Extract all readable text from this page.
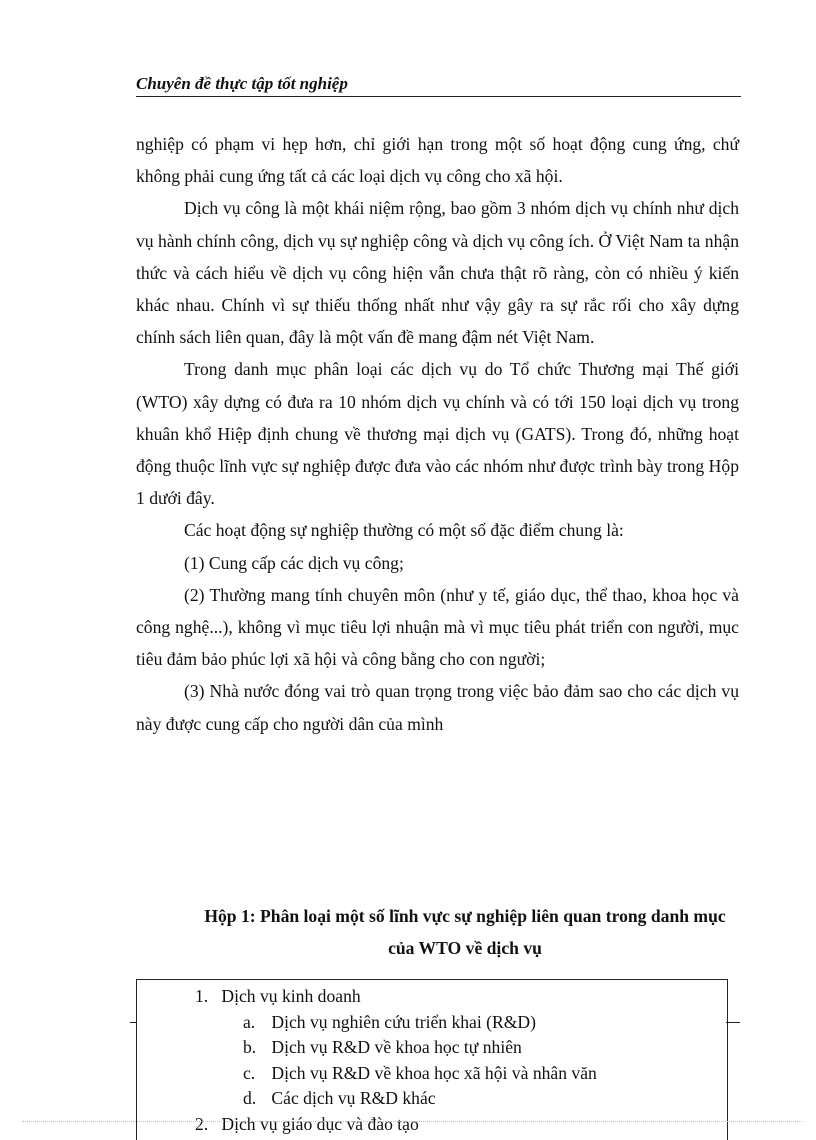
Chuyên đề thực tập tốt nghiệp

nghiệp có phạm vi hẹp hơn, chỉ giới hạn trong một số hoạt động cung ứng, chứ không phải cung ứng tất cả các loại dịch vụ công cho xã hội.

Dịch vụ công là một khái niệm rộng, bao gồm 3 nhóm dịch vụ chính như dịch vụ hành chính công, dịch vụ sự nghiệp công và dịch vụ công ích. Ở Việt Nam ta nhận thức và cách hiểu về dịch vụ công hiện vẫn chưa thật rõ ràng, còn có nhiều ý kiến khác nhau. Chính vì sự thiếu thống nhất như vậy gây ra sự rắc rối cho xây dựng chính sách liên quan, đây là một vấn đề mang đậm nét Việt Nam.

Trong danh mục phân loại các dịch vụ do Tổ chức Thương mại Thế giới (WTO) xây dựng có đưa ra 10 nhóm dịch vụ chính và có tới 150 loại dịch vụ trong khuân khổ Hiệp định chung về thương mại dịch vụ (GATS). Trong đó, những hoạt động thuộc lĩnh vực sự nghiệp được đưa vào các nhóm như được trình bày trong Hộp 1 dưới đây.

Các hoạt động sự nghiệp thường có một số đặc điểm chung là:

(1) Cung cấp các dịch vụ công;

(2) Thường mang tính chuyên môn (như y tế, giáo dục, thể thao, khoa học và công nghệ...), không vì mục tiêu lợi nhuận mà vì mục tiêu phát triển con người, mục tiêu đảm bảo phúc lợi xã hội và công bằng cho con người;

(3) Nhà nước đóng vai trò quan trọng trong việc bảo đảm sao cho các dịch vụ này được cung cấp cho người dân của mình

Hộp 1: Phân loại một số lĩnh vực sự nghiệp liên quan trong danh mục của WTO về dịch vụ
1. Dịch vụ kinh doanh
a. Dịch vụ nghiên cứu triển khai (R&D)
b. Dịch vụ R&D về khoa học tự nhiên
c. Dịch vụ R&D về khoa học xã hội và nhân văn
d. Các dịch vụ R&D khác
2. Dịch vụ giáo dục và đào tạo
